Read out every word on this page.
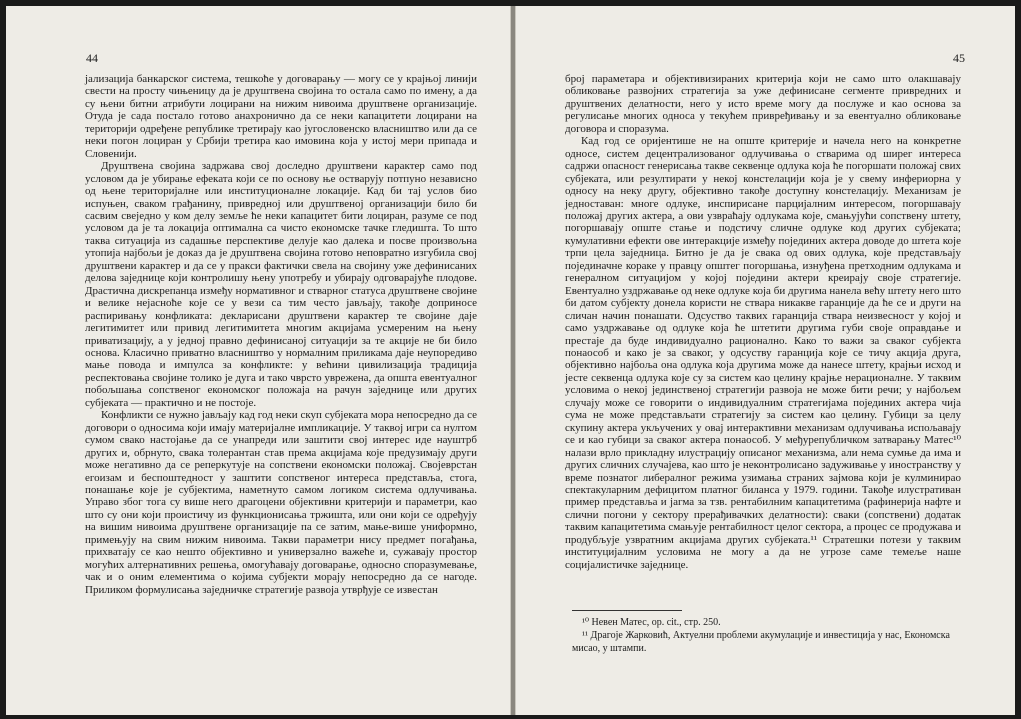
44

јализација банкарског система, тешкоће у договарању — могу се у крајњој линији свести на просту чињеницу да је друштвена својина то остала само по имену, а да су њени битни атрибути лоцирани на нижим нивоима друштвене организације. Отуда је сада постало готово анахронично да се неки капацитети лоцирани на територији одређене републике третирају као југословенско власништво или да се неки погон лоциран у Србији третира као имовина која у истој мери припада и Словенији.

Друштвена својина задржава свој доследно друштвени карактер само под условом да је убирање ефеката који се по основу ње остварују потпуно независно од њене територијалне или институционалне локације. Кад би тај услов био испуњен, сваком грађанину, привредној или друштвеној организацији било би сасвим свеједно у ком делу земље ће неки капацитет бити лоциран, разуме се под условом да је та локација оптимална са чисто економске тачке гледишта. То што таква ситуација из садашње перспективе делује као далека и посве произвољна утопија најбољи је доказ да је друштвена својина готово неповратно изгубила свој друштвени карактер и да се у пракси фактички свела на својину уже дефинисаних делова заједнице који контролишу њену употребу и убирају одговарајуће плодове. Драстична дискрепанца између нормативног и стварног статуса друштвене својине и велике нејасноће које се у вези са тим често јављају, такође доприносе распиривању конфликата: декларисани друштвени карактер те својине даје легитимитет или привид легитимитета многим акцијама усмереним на њену приватизацију, а у једној правно дефинисаној ситуацији за те акције не би било основа. Класично приватно власништво у нормалним приликама даје неупоредиво мање повода и импулса за конфликте: у већини цивилизација традиција респектовања својине толико је дуга и тако чврсто уврежена, да општа евентуалног побољшања сопственог економског положаја на рачун заједнице или других субјеката — практично и не постоје.

Конфликти се нужно јављају кад год неки скуп субјеката мора непосредно да се договори о односима који имају материјалне импликације. У таквој игри са нултом сумом свако настојање да се унапреди или заштити свој интерес иде науштрб других и, обрнуто, свака толерантан став према акцијама које предузимају други може негативно да се реперкутује на сопствени економски положај. Својеврстан егоизам и беспоштедност у заштити сопственог интереса представља, стога, понашање које је субјектима, наметнуто самом логиком система одлучивања. Управо због тога су више него драгоцени објективни критерији и параметри, као што су они који проистичу из функционисања тржишта, или они који се одређују на вишим нивоима друштвене организације па се затим, мање-више униформно, примењују на свим нижим нивоима. Такви параметри нису предмет погађања, прихватају се као нешто објективно и универзално важеће и, сужавају простор могућих алтернативних решења, омогућавају договарање, односно споразумевање, чак и о оним елементима о којима субјекти морају непосредно да се нагоде. Приликом формулисања заједничке стратегије развоја утврђује се известан

45

број параметара и објективизираних критерија који не само што олакшавају обликовање развојних стратегија за уже дефинисане сегменте привредних и друштвених делатности, него у исто време могу да послуже и као основа за регулисање многих односа у текућем привређивању и за евентуално обликовање договора и споразума.

Кад год се оријентише не на опште критерије и начела него на конкретне односе, систем децентрализованог одлучивања о стварима од ширег интереса садржи опасност генерисања такве секвенце одлука која ће погоршати положај свих субјеката, или резултирати у некој констелацији која је у свему инфериорна у односу на неку другу, објективно такође доступну констелацију. Механизам је једноставан: многе одлуке, инспирисане парцијалним интересом, погоршавају положај других актера, а ови узвраћају одлукама које, смањујући сопствену штету, погоршавају опште стање и подстичу сличне одлуке код других субјеката; кумулативни ефекти ове интеракције између појединих актера доводе до штета које трпи цела заједница. Битно је да је свака од ових одлука, које представљају појединачне кораке у правцу општег погоршања, изнуђена претходним одлукама и генералном ситуацијом у којој поједини актери креирају своје стратегије. Евентуално уздржавање од неке одлуке која би другима нанела већу штету него што би датом субјекту донела користи не ствара никакве гаранције да ће се и други на сличан начин понашати. Одсуство таквих гаранција ствара неизвесност у којој и само уздржавање од одлуке која ће штетити другима губи своје оправдање и престаје да буде индивидуално рационално. Како то важи за сваког субјекта понаособ и како је за сваког, у одсуству гаранција које се тичу акција друга, објективно најбоља она одлука која другима може да нанесе штету, крајњи исход и јесте секвенца одлука које су за систем као целину крајње нерационалне. У таквим условима о некој јединственој стратегији развоја не може бити речи; у најбољем случају може се говорити о индивидуалним стратегијама појединих актера чија сума не може представљати стратегију за систем као целину. Губици за целу скупину актера укључених у овај интерактивни механизам одлучивања испољавају се и као губици за сваког актера понаособ. У међурепубличком затварању Матес¹⁰ налази врло прикладну илустрацију описаног механизма, али нема сумње да има и других сличних случајева, као што је неконтролисано задуживање у иностранству у време познатог либералног режима узимања страних зајмова који је кулминирао спектакуларним дефицитом платног биланса у 1979. години. Такође илустративан пример представља и јагма за тзв. рентабилним капацитетима (рафинерија нафте и слични погони у сектору прерађивачких делатности): сваки (сопствени) додатак таквим капацитетима смањује рентабилност целог сектора, а процес се продужава и продубљује узвратним акцијама других субјеката.¹¹ Стратешки потези у таквим институцијалним условима не могу а да не угрозе саме темеље наше социјалистичке заједнице.

¹⁰ Невен Матес, op. cit., стр. 250.
¹¹ Драгоје Жарковић, Актуелни проблеми акумулације и инвестиција у нас, Економска мисао, у штампи.
